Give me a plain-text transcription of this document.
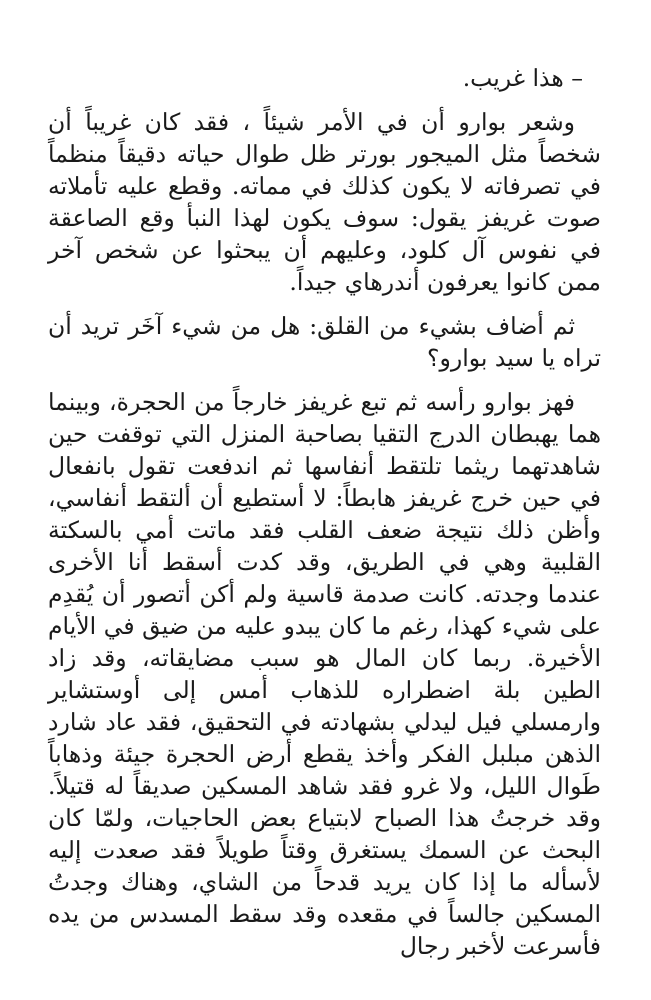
– هذا غريب.

وشعر بوارو أن في الأمر شيئاً ، فقد كان غريباً أن شخصاً مثل الميجور بورتر ظل طوال حياته دقيقاً منظماً في تصرفاته لا يكون كذلك في مماته. وقطع عليه تأملاته صوت غريفز يقول: سوف يكون لهذا النبأ وقع الصاعقة في نفوس آل كلود، وعليهم أن يبحثوا عن شخص آخر ممن كانوا يعرفون أندرهاي جيداً.

ثم أضاف بشيء من القلق: هل من شيء آخَر تريد أن تراه يا سيد بوارو؟

فهز بوارو رأسه ثم تبع غريفز خارجاً من الحجرة، وبينما هما يهبطان الدرج التقيا بصاحبة المنزل التي توقفت حين شاهدتهما ريثما تلتقط أنفاسها ثم اندفعت تقول بانفعال في حين خرج غريفز هابطاً: لا أستطيع أن ألتقط أنفاسي، وأظن ذلك نتيجة ضعف القلب فقد ماتت أمي بالسكتة القلبية وهي في الطريق، وقد كدت أسقط أنا الأخرى عندما وجدته. كانت صدمة قاسية ولم أكن أتصور أن يُقدِم على شيء كهذا، رغم ما كان يبدو عليه من ضيق في الأيام الأخيرة. ربما كان المال هو سبب مضايقاته، وقد زاد الطين بلة اضطراره للذهاب أمس إلى أوستشاير وارمسلي فيل ليدلي بشهادته في التحقيق، فقد عاد شارد الذهن مبلبل الفكر وأخذ يقطع أرض الحجرة جيئة وذهاباً طَوال الليل، ولا غرو فقد شاهد المسكين صديقاً له قتيلاً. وقد خرجتُ هذا الصباح لابتياع بعض الحاجيات، ولمّا كان البحث عن السمك يستغرق وقتاً طويلاً فقد صعدت إليه لأسأله ما إذا كان يريد قدحاً من الشاي، وهناك وجدتُ المسكين جالساً في مقعده وقد سقط المسدس من يده فأسرعت لأخبر رجال
